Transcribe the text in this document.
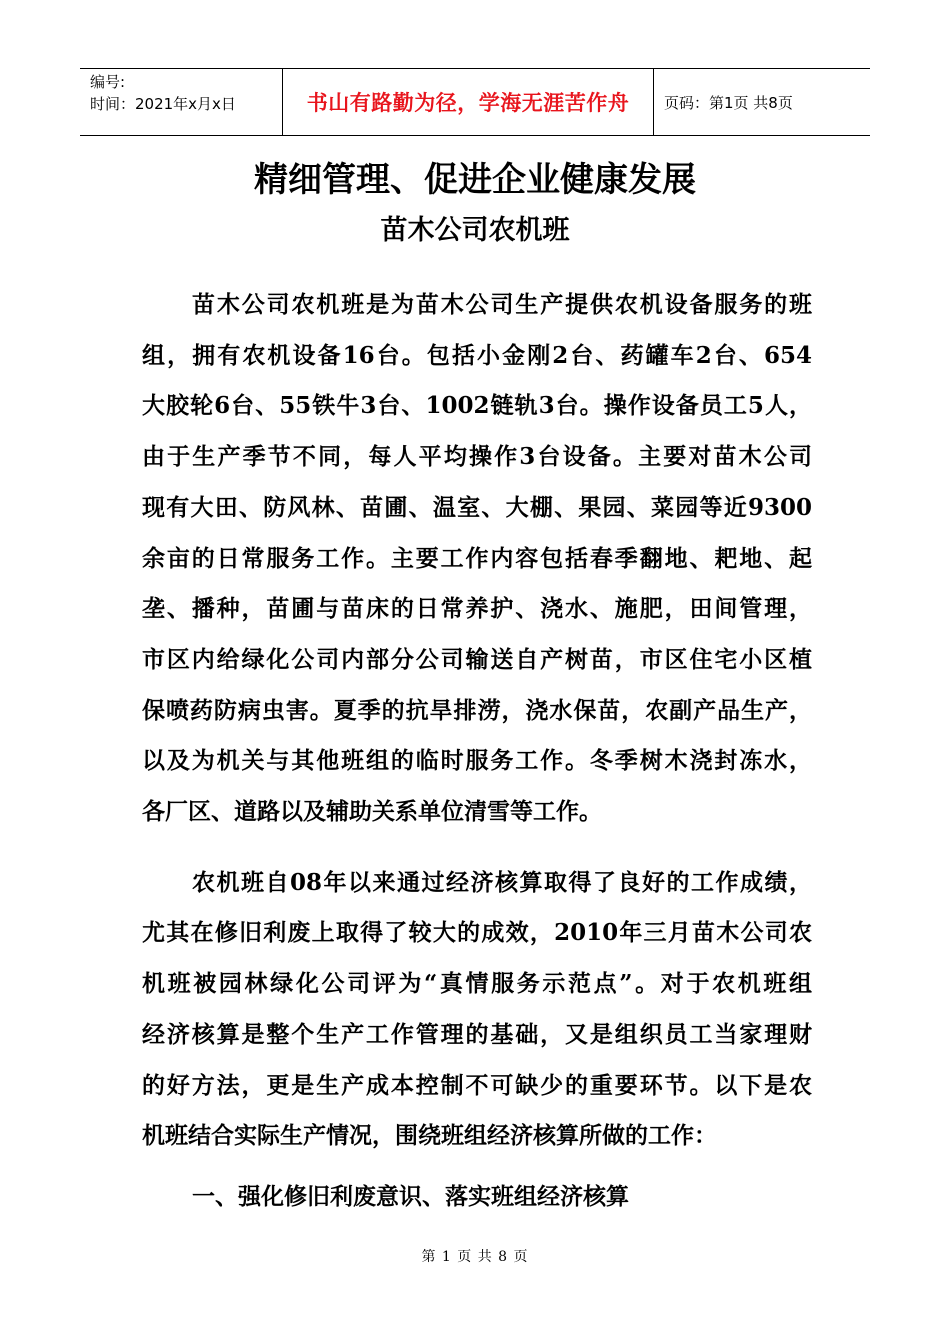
编号:
时间：2021年x月x日	书山有路勤为径，学海无涯苦作舟 页码：第1页 共8页
精细管理、促进企业健康发展
苗木公司农机班
苗木公司农机班是为苗木公司生产提供农机设备服务的班
组，拥有农机设备16台。包括小金刚2台、药罐车2台、654
大胶轮6台、55铁牛3台、1002链轨3台。操作设备员工5人，
由于生产季节不同，每人平均操作3台设备。主要对苗木公司
现有大田、防风林、苗圃、温室、大棚、果园、菜园等近9300
余亩的日常服务工作。主要工作内容包括春季翻地、耙地、起
垄、播种，苗圃与苗床的日常养护、浇水、施肥，田间管理，
市区内给绿化公司内部分公司输送自产树苗，市区住宅小区植
保喷药防病虫害。夏季的抗旱排涝，浇水保苗，农副产品生产，
以及为机关与其他班组的临时服务工作。冬季树木浇封冻水，
各厂区、道路以及辅助关系单位清雪等工作。
农机班自08年以来通过经济核算取得了良好的工作成绩，
尤其在修旧利废上取得了较大的成效，2010年三月苗木公司农
机班被园林绿化公司评为“真情服务示范点”。对于农机班组
经济核算是整个生产工作管理的基础，又是组织员工当家理财
的好方法，更是生产成本控制不可缺少的重要环节。以下是农
机班结合实际生产情况，围绕班组经济核算所做的工作：
一、强化修旧利废意识、落实班组经济核算
第 1 页 共 8 页
